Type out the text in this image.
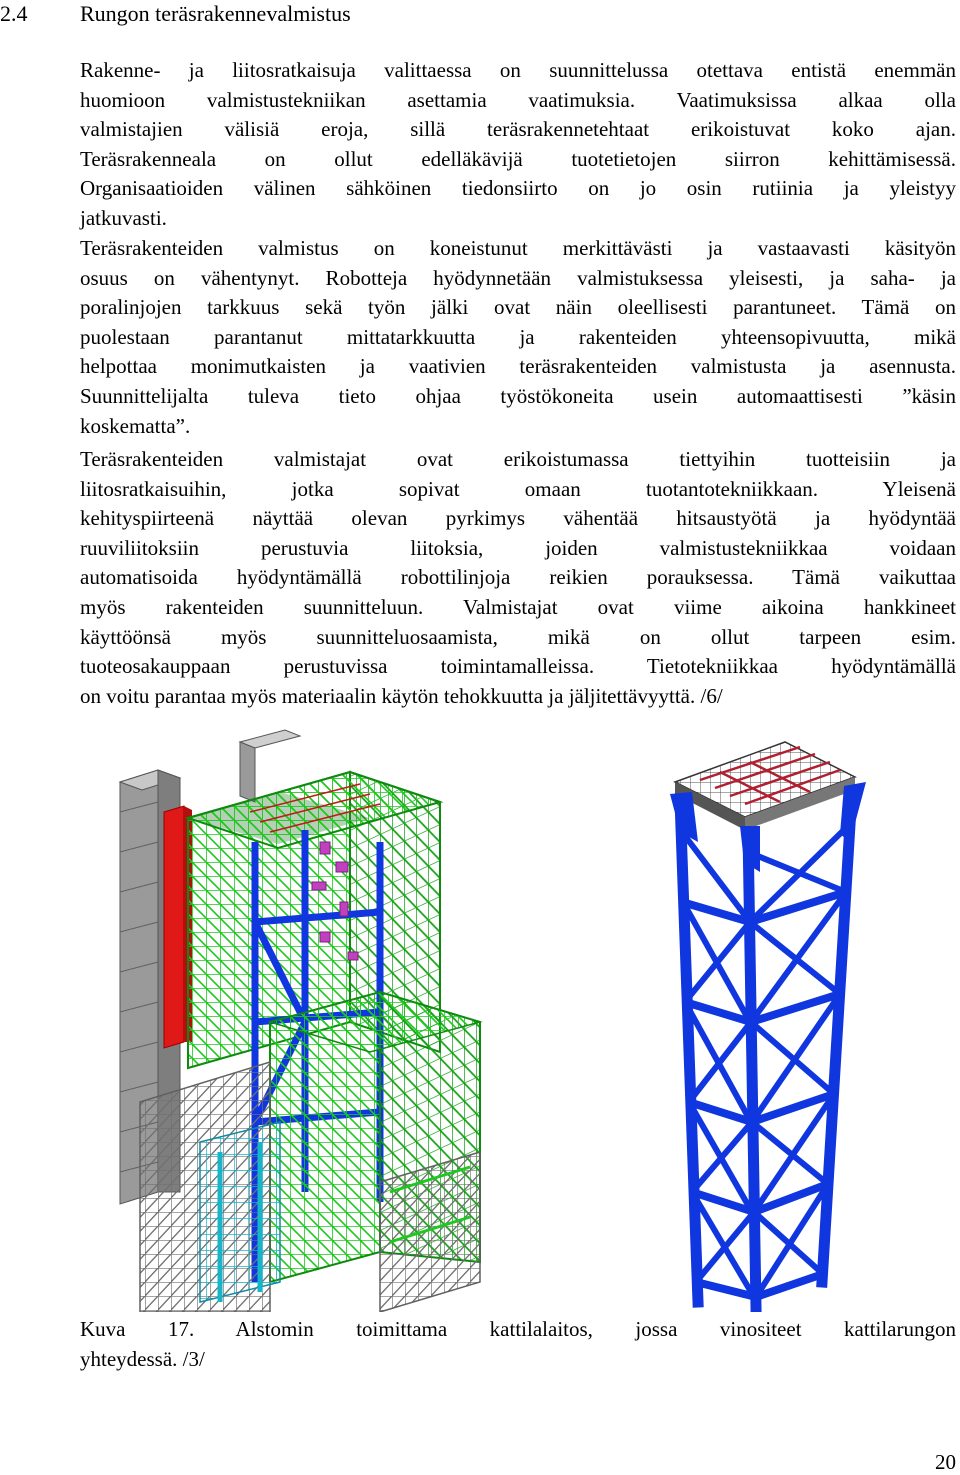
2.4 Rungon teräsrakennevalmistus
Rakenne- ja liitosratkaisuja valittaessa on suunnittelussa otettava entistä enemmän
huomioon valmistustekniikan asettamia vaatimuksia. Vaatimuksissa alkaa olla
valmistajien välisiä eroja, sillä teräsrakennetehtaat erikoistuvat koko ajan.
Teräsrakenneala on ollut edelläkävijä tuotetietojen siirron kehittämisessä.
Organisaatioiden välinen sähköinen tiedonsiirto on jo osin rutiinia ja yleistyy
jatkuvasti.
Teräsrakenteiden valmistus on koneistunut merkittävästi ja vastaavasti käsityön
osuus on vähentynyt. Robotteja hyödynnetään valmistuksessa yleisesti, ja saha- ja
poralinjojen tarkkuus sekä työn jälki ovat näin oleellisesti parantuneet. Tämä on
puolestaan parantanut mittatarkkuutta ja rakenteiden yhteensopivuutta, mikä
helpottaa monimutkaisten ja vaativien teräsrakenteiden valmistusta ja asennusta.
Suunnittelijalta tuleva tieto ohjaa työstökoneita usein automaattisesti ”käsin
koskematta”.
Teräsrakenteiden valmistajat ovat erikoistumassa tiettyihin tuotteisiin ja
liitosratkaisuihin, jotka sopivat omaan tuotantotekniikkaan. Yleisenä
kehityspiirteenä näyttää olevan pyrkimys vähentää hitsaustyötä ja hyödyntää
ruuviliitoksiin perustuvia liitoksia, joiden valmistustekniikkaa voidaan
automatisoida hyödyntämällä robottilinjoja reikien porauksessa. Tämä vaikuttaa
myös rakenteiden suunnitteluun. Valmistajat ovat viime aikoina hankkineet
käyttöönsä myös suunnitteluosaamista, mikä on ollut tarpeen esim.
tuoteosakauppaan perustuvissa toimintamalleissa. Tietotekniikkaa hyödyntämällä
on voitu parantaa myös materiaalin käytön tehokkuutta ja jäljitettävyyttä. /6/
Kuva 17. Alstomin toimittama kattilalaitos, jossa vinositeet kattilarungon
yhteydessä. /3/
20
